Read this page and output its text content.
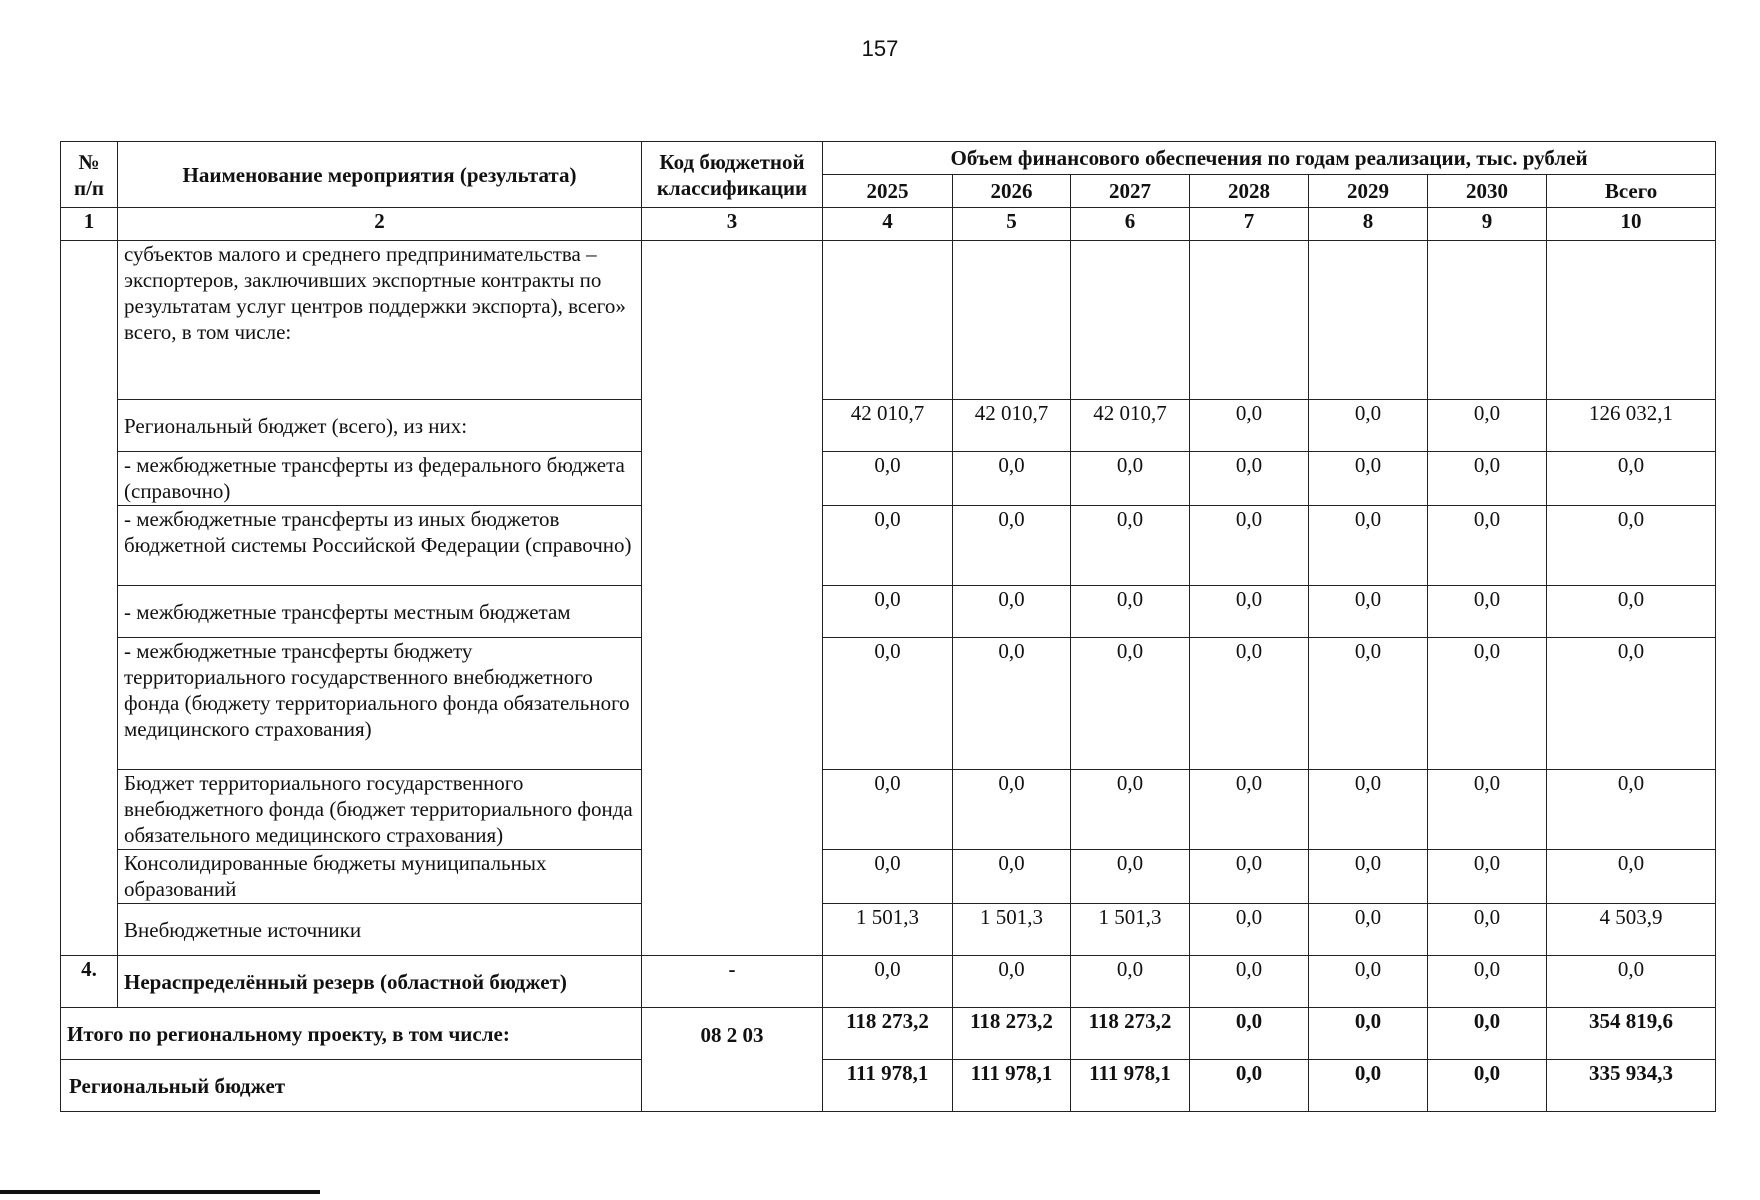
157
№ п/п	Наименование мероприятия (результата)	Код бюджетной классификации	Объем финансового обеспечения по годам реализации, тыс. рублей						
			2025	2026	2027	2028	2029	2030	Всего
1	2	3	4	5	6	7	8	9	10
	субъектов малого и среднего предпринимательства – экспортеров, заключивших экспортные контракты по результатам услуг центров поддержки экспорта), всего» всего, в том числе:								
	Региональный бюджет (всего), из них:		42 010,7	42 010,7	42 010,7	0,0	0,0	0,0	126 032,1
	- межбюджетные трансферты из федерального бюджета (справочно)		0,0	0,0	0,0	0,0	0,0	0,0	0,0
	- межбюджетные трансферты из иных бюджетов бюджетной системы Российской Федерации (справочно)		0,0	0,0	0,0	0,0	0,0	0,0	0,0
	- межбюджетные трансферты местным бюджетам		0,0	0,0	0,0	0,0	0,0	0,0	0,0
	- межбюджетные трансферты бюджету территориального государственного внебюджетного фонда (бюджету территориального фонда обязательного медицинского страхования)		0,0	0,0	0,0	0,0	0,0	0,0	0,0
	Бюджет территориального государственного внебюджетного фонда (бюджет территориального фонда обязательного медицинского страхования)		0,0	0,0	0,0	0,0	0,0	0,0	0,0
	Консолидированные бюджеты муниципальных образований		0,0	0,0	0,0	0,0	0,0	0,0	0,0
	Внебюджетные источники		1 501,3	1 501,3	1 501,3	0,0	0,0	0,0	4 503,9
4.	Нераспределённый резерв (областной бюджет)	-	0,0	0,0	0,0	0,0	0,0	0,0	0,0
Итого по региональному проекту, в том числе:		08 2 03	118 273,2	118 273,2	118 273,2	0,0	0,0	0,0	354 819,6
Региональный бюджет			111 978,1	111 978,1	111 978,1	0,0	0,0	0,0	335 934,3
